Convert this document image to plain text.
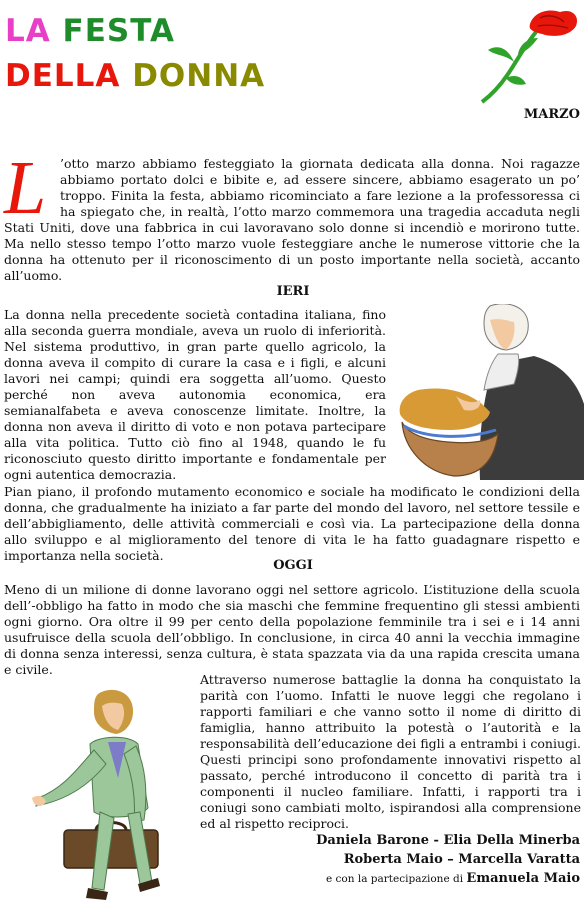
LA FESTA
DELLA DONNA
MARZO
L	’otto marzo abbiamo festeggiato la giornata dedicata alla donna. Noi ragazze abbiamo portato dolci e bibite e, ad essere sincere, abbiamo esagerato un po’ troppo. Finita la festa, abbiamo ricominciato a fare lezione a la professoressa ci ha spiegato che, in realtà, l’otto marzo commemora una tragedia accaduta negli Stati Uniti, dove una fabbrica in cui lavoravano solo donne si incendiò e morirono tutte. Ma nello stesso tempo l’otto marzo vuole festeggiare anche le numerose vittorie che la donna ha ottenuto per il riconoscimento di un posto importante nella società, accanto all’uomo.
IERI
La donna nella precedente società contadina italiana, fino alla seconda guerra mondiale, aveva un ruolo di inferiorità. Nel sistema produttivo, in gran parte quello agricolo, la donna aveva il compito di curare la casa e i figli, e alcuni lavori nei campi; quindi era soggetta all’uomo. Questo perché non aveva autonomia economica, era semianalfabeta e aveva conoscenze limitate. Inoltre, la donna non aveva il diritto di voto e non potava partecipare alla vita politica. Tutto ciò fino al 1948, quando le fu riconosciuto questo diritto importante e fondamentale per ogni autentica democrazia.
Pian piano, il profondo mutamento economico e sociale ha modificato le condizioni della donna, che gradualmente ha iniziato a far parte del mondo del lavoro, nel settore tessile e dell’abbigliamento, delle attività commerciali e così via. La partecipazione della donna allo sviluppo e al miglioramento del tenore di vita le ha fatto guadagnare rispetto e importanza nella società.
OGGI
Meno di un milione di donne lavorano oggi nel settore agricolo. L’istituzione della scuola dell’-obbligo ha fatto in modo che sia maschi che femmine frequentino gli stessi ambienti ogni giorno. Ora oltre il 99 per cento della popolazione femminile tra i sei e i 14 anni usufruisce della scuola dell’obbligo. In conclusione, in circa 40 anni la vecchia immagine di donna senza interessi, senza cultura, è stata spazzata via da una rapida crescita umana e civile.
Attraverso numerose battaglie la donna ha conquistato la parità con l’uomo. Infatti le nuove leggi che regolano i rapporti familiari e che vanno sotto il nome di diritto di famiglia, hanno attribuito la potestà o l’autorità e la responsabilità dell’educazione dei figli a entrambi i coniugi. Questi principi sono profondamente innovativi rispetto al passato, perché introducono il concetto di parità tra i componenti il nucleo familiare. Infatti, i rapporti tra i coniugi sono cambiati molto, ispirandosi alla comprensione ed al rispetto reciproci.
Daniela Barone - Elia Della Minerba
Roberta Maio – Marcella Varatta
e con la partecipazione di Emanuela Maio
